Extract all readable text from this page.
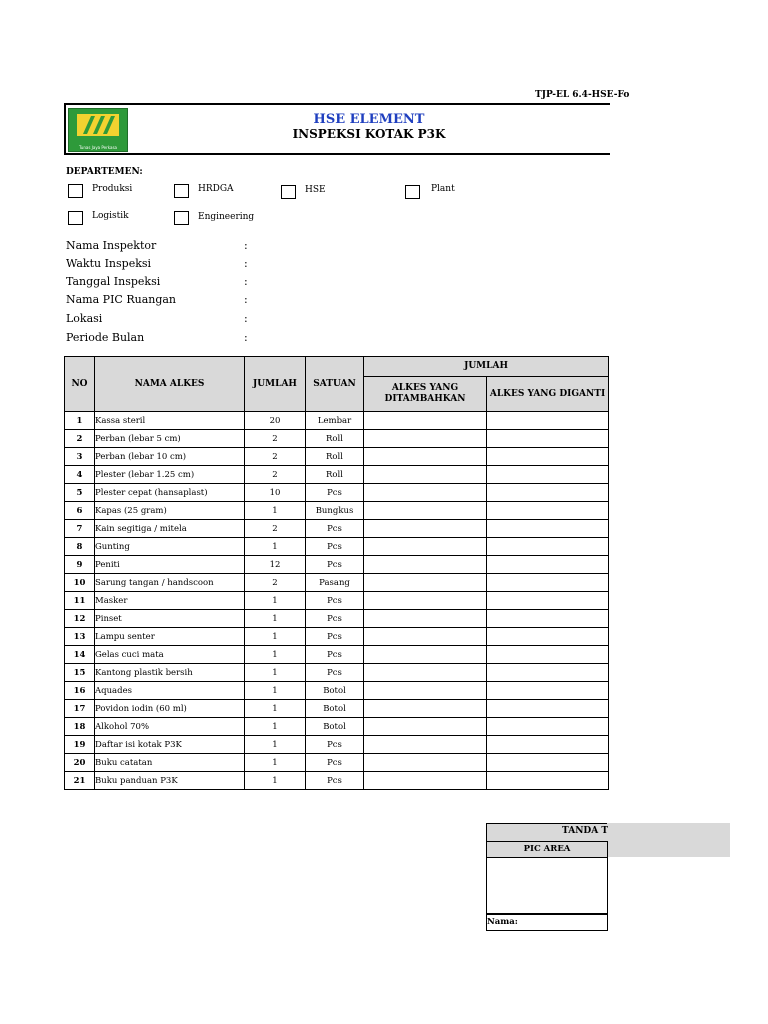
TJP-EL 6.4-HSE-Fo
Tunas Jaya Perkasa
HSE ELEMENT
INSPEKSI KOTAK P3K
DEPARTEMEN:
Produksi	HRDGA	HSE	Plant
Logistik	Engineering
Nama Inspektor	:
Waktu Inspeksi	:
Tanggal Inspeksi	:
Nama PIC Ruangan	:
Lokasi	:
Periode Bulan	:
NO	NAMA ALKES	JUMLAH	SATUAN	JUMLAH	
				ALKES YANG DITAMBAHKAN	ALKES YANG DIGANTI
1	Kassa steril	20	Lembar		
2	Perban (lebar 5 cm)	2	Roll		
3	Perban (lebar 10 cm)	2	Roll		
4	Plester (lebar 1.25 cm)	2	Roll		
5	Plester cepat (hansaplast)	10	Pcs		
6	Kapas (25 gram)	1	Bungkus		
7	Kain segitiga / mitela	2	Pcs		
8	Gunting	1	Pcs		
9	Peniti	12	Pcs		
10	Sarung tangan / handscoon	2	Pasang		
11	Masker	1	Pcs		
12	Pinset	1	Pcs		
13	Lampu senter	1	Pcs		
14	Gelas cuci mata	1	Pcs		
15	Kantong plastik bersih	1	Pcs		
16	Aquades	1	Botol		
17	Povidon iodin (60 ml)	1	Botol		
18	Alkohol 70%	1	Botol		
19	Daftar isi kotak P3K	1	Pcs		
20	Buku catatan	1	Pcs		
21	Buku panduan P3K	1	Pcs		
TANDA T
PIC AREA
Nama:
